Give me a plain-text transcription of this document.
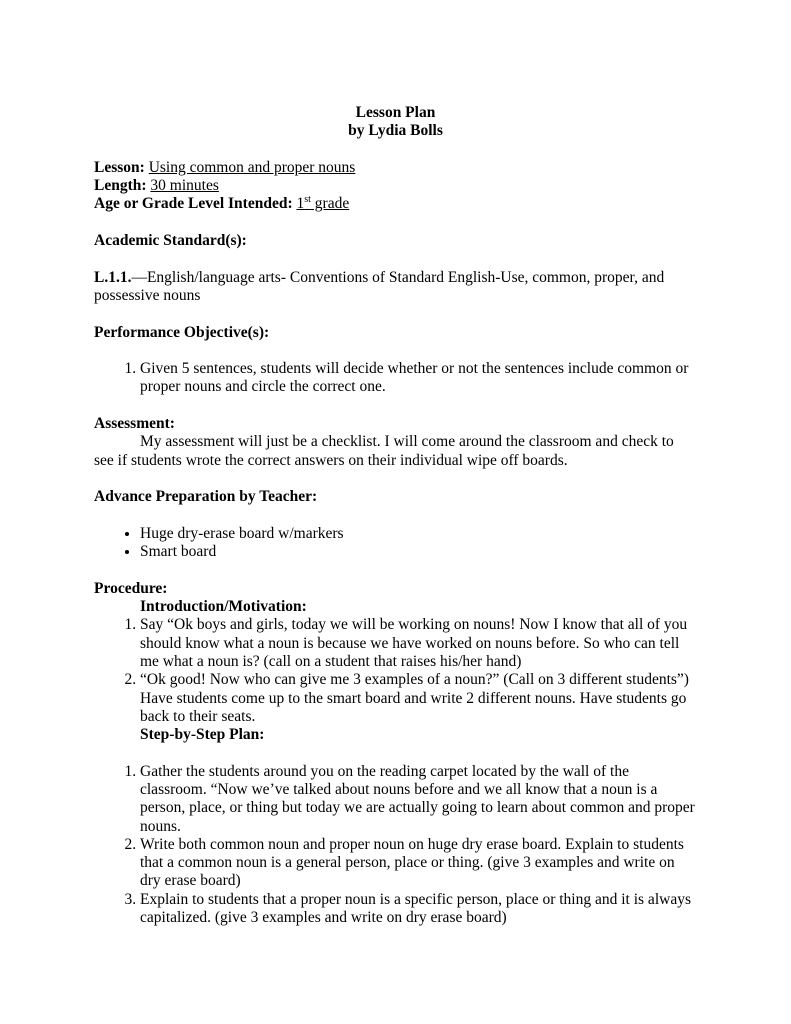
Lesson Plan

by Lydia Bolls

Lesson: Using common and proper nouns

Length: 30 minutes

Age or Grade Level Intended: 1st grade

Academic Standard(s):

L.1.1.—English/language arts- Conventions of Standard English-Use, common, proper, and possessive nouns

Performance Objective(s):

1. Given 5 sentences, students will decide whether or not the sentences include common or proper nouns and circle the correct one.

Assessment:

My assessment will just be a checklist. I will come around the classroom and check to see if students wrote the correct answers on their individual wipe off boards.

Advance Preparation by Teacher:

• Huge dry-erase board w/markers
• Smart board

Procedure:

Introduction/Motivation:

1. Say “Ok boys and girls, today we will be working on nouns! Now I know that all of you should know what a noun is because we have worked on nouns before. So who can tell me what a noun is? (call on a student that raises his/her hand)
2. “Ok good! Now who can give me 3 examples of a noun?” (Call on 3 different students”) Have students come up to the smart board and write 2 different nouns. Have students go back to their seats.

Step-by-Step Plan:

1. Gather the students around you on the reading carpet located by the wall of the classroom. “Now we’ve talked about nouns before and we all know that a noun is a person, place, or thing but today we are actually going to learn about common and proper nouns.
2. Write both common noun and proper noun on huge dry erase board. Explain to students that a common noun is a general person, place or thing. (give 3 examples and write on dry erase board)
3. Explain to students that a proper noun is a specific person, place or thing and it is always capitalized. (give 3 examples and write on dry erase board)
